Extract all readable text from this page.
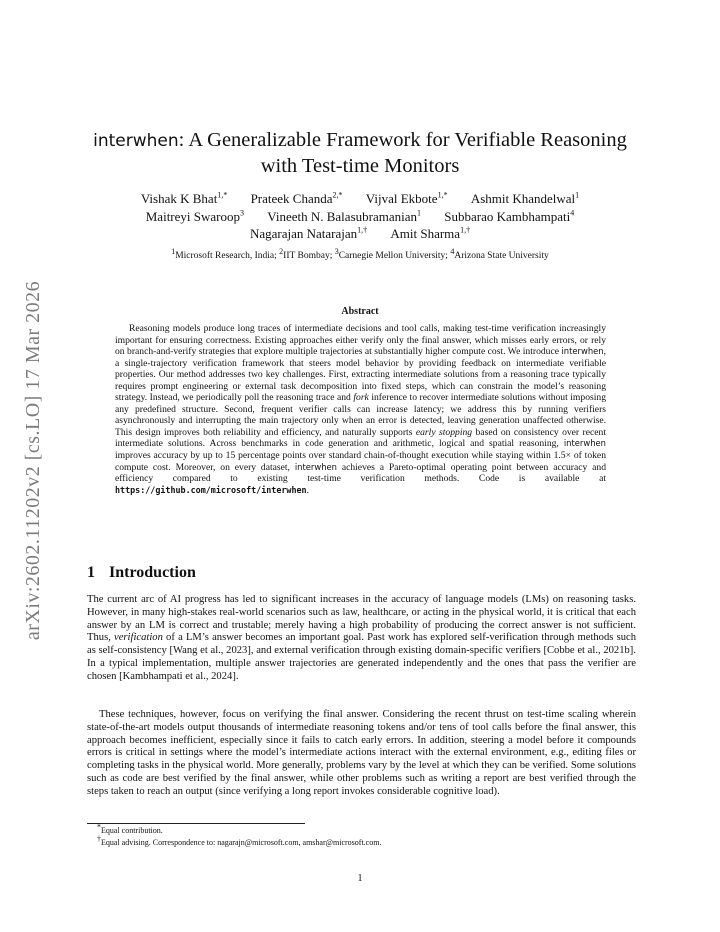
arXiv:2602.11202v2 [cs.LO] 17 Mar 2026
interwhen: A Generalizable Framework for Verifiable Reasoning
with Test-time Monitors
Vishak K Bhat$^{1,*}$ Prateek Chanda$^{2,*}$ Vijval Ekbote$^{1,*}$ Ashmit Khandelwal$^1$
Maitreyi Swaroop$^3$ Vineeth N. Balasubramanian$^1$ Subbarao Kambhampati$^4$
Nagarajan Natarajan$^{1,\dagger}$ Amit Sharma$^{1,\dagger}$
$^1$Microsoft Research, India; $^2$IIT Bombay; $^3$Carnegie Mellon University; $^4$Arizona State University
Abstract

Reasoning models produce long traces of intermediate decisions and tool calls, making test-time verification increasingly important for ensuring correctness. Existing approaches either verify only the final answer, which misses early errors, or rely on branch-and-verify strategies that explore multiple trajectories at substantially higher compute cost. We introduce interwhen, a single-trajectory verification framework that steers model behavior by providing feedback on intermediate verifiable properties. Our method addresses two key challenges. First, extracting intermediate solutions from a reasoning trace typically requires prompt engineering or external task decomposition into fixed steps, which can constrain the model’s reasoning strategy. Instead, we periodically poll the reasoning trace and fork inference to recover intermediate solutions without imposing any predefined structure. Second, frequent verifier calls can increase latency; we address this by running verifiers asynchronously and interrupting the main trajectory only when an error is detected, leaving generation unaffected otherwise. This design improves both reliability and efficiency, and naturally supports early stopping based on consistency over recent intermediate solutions. Across benchmarks in code generation and arithmetic, logical and spatial reasoning, interwhen improves accuracy by up to 15 percentage points over standard chain-of-thought execution while staying within 1.5× of token compute cost. Moreover, on every dataset, interwhen achieves a Pareto-optimal operating point between accuracy and efficiency compared to existing test-time verification methods. Code is available at https://github.com/microsoft/interwhen.

1 Introduction

The current arc of AI progress has led to significant increases in the accuracy of language models (LMs) on reasoning tasks. However, in many high-stakes real-world scenarios such as law, healthcare, or acting in the physical world, it is critical that each answer by an LM is correct and trustable; merely having a high probability of producing the correct answer is not sufficient. Thus, verification of a LM’s answer becomes an important goal. Past work has explored self-verification through methods such as self-consistency [Wang et al., 2023], and external verification through existing domain-specific verifiers [Cobbe et al., 2021b]. In a typical implementation, multiple answer trajectories are generated independently and the ones that pass the verifier are chosen [Kambhampati et al., 2024].

These techniques, however, focus on verifying the final answer. Considering the recent thrust on test-time scaling wherein state-of-the-art models output thousands of intermediate reasoning tokens and/or tens of tool calls before the final answer, this approach becomes inefficient, especially since it fails to catch early errors. In addition, steering a model before it compounds errors is critical in settings where the model’s intermediate actions interact with the external environment, e.g., editing files or completing tasks in the physical world. More generally, problems vary by the level at which they can be verified. Some solutions such as code are best verified by the final answer, while other problems such as writing a report are best verified through the steps taken to reach an output (since verifying a long report invokes considerable cognitive load).

*Equal contribution.
†Equal advising. Correspondence to: nagarajn@microsoft.com, amshar@microsoft.com.
1
